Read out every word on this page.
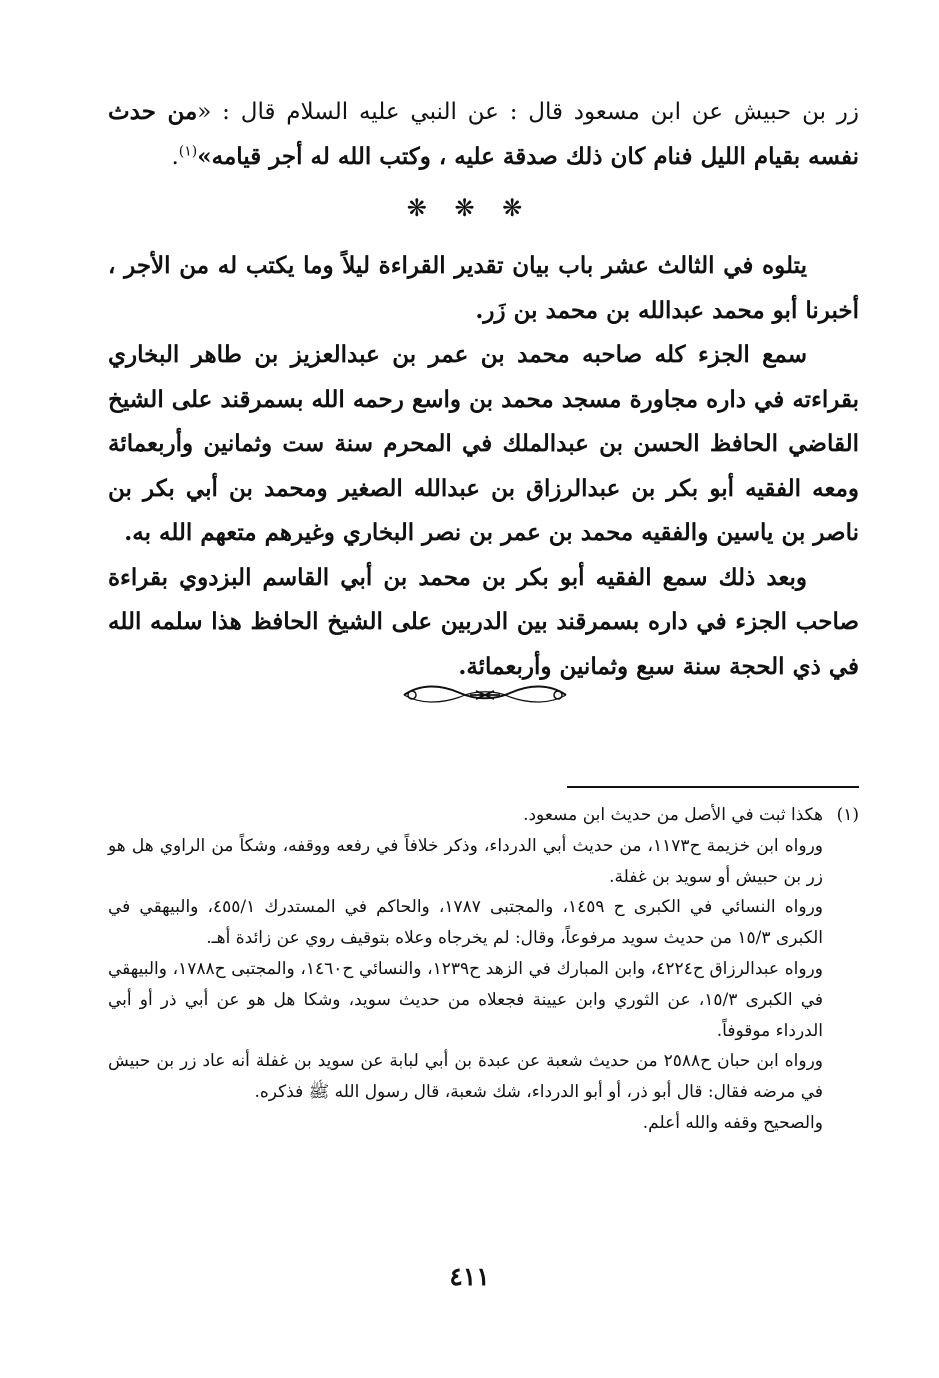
زر بن حبيش عن ابن مسعود قال : عن النبي عليه السلام قال : «من حدث نفسه بقيام الليل فنام كان ذلك صدقة عليه ، وكتب الله له أجر قيامه»$^{(١)}$.

❋ ❋ ❋

يتلوه في الثالث عشر باب بيان تقدير القراءة ليلاً وما يكتب له من الأجر ، أخبرنا أبو محمد عبدالله بن محمد بن زَر.

سمع الجزء كله صاحبه محمد بن عمر بن عبدالعزيز بن طاهر البخاري بقراءته في داره مجاورة مسجد محمد بن واسع رحمه الله بسمرقند على الشيخ القاضي الحافظ الحسن بن عبدالملك في المحرم سنة ست وثمانين وأربعمائة ومعه الفقيه أبو بكر بن عبدالرزاق بن عبدالله الصغير ومحمد بن أبي بكر بن ناصر بن ياسين والفقيه محمد بن عمر بن نصر البخاري وغيرهم متعهم الله به.

وبعد ذلك سمع الفقيه أبو بكر بن محمد بن أبي القاسم البزدوي بقراءة صاحب الجزء في داره بسمرقند بين الدربين على الشيخ الحافظ هذا سلمه الله في ذي الحجة سنة سبع وثمانين وأربعمائة.

(١)

هكذا ثبت في الأصل من حديث ابن مسعود.

ورواه ابن خزيمة ح١١٧٣، من حديث أبي الدرداء، وذكر خلافاً في رفعه ووقفه، وشكاً من الراوي هل هو زر بن حبيش أو سويد بن غفلة.

ورواه النسائي في الكبرى ح ١٤٥٩، والمجتبى ١٧٨٧، والحاكم في المستدرك ٤٥٥/١، والبيهقي في الكبرى ١٥/٣ من حديث سويد مرفوعاً، وقال: لم يخرجاه وعلاه بتوقيف روي عن زائدة أهـ.

ورواه عبدالرزاق ح٤٢٢٤، وابن المبارك في الزهد ح١٢٣٩، والنسائي ح١٤٦٠، والمجتبى ح١٧٨٨، والبيهقي في الكبرى ١٥/٣، عن الثوري وابن عيينة فجعلاه من حديث سويد، وشكا هل هو عن أبي ذر أو أبي الدرداء موقوفاً.

ورواه ابن حبان ح٢٥٨٨ من حديث شعبة عن عبدة بن أبي لبابة عن سويد بن غفلة أنه عاد زر بن حبيش في مرضه فقال: قال أبو ذر، أو أبو الدرداء، شك شعبة، قال رسول الله ﷺ فذكره.

والصحيح وقفه والله أعلم.

٤١١
